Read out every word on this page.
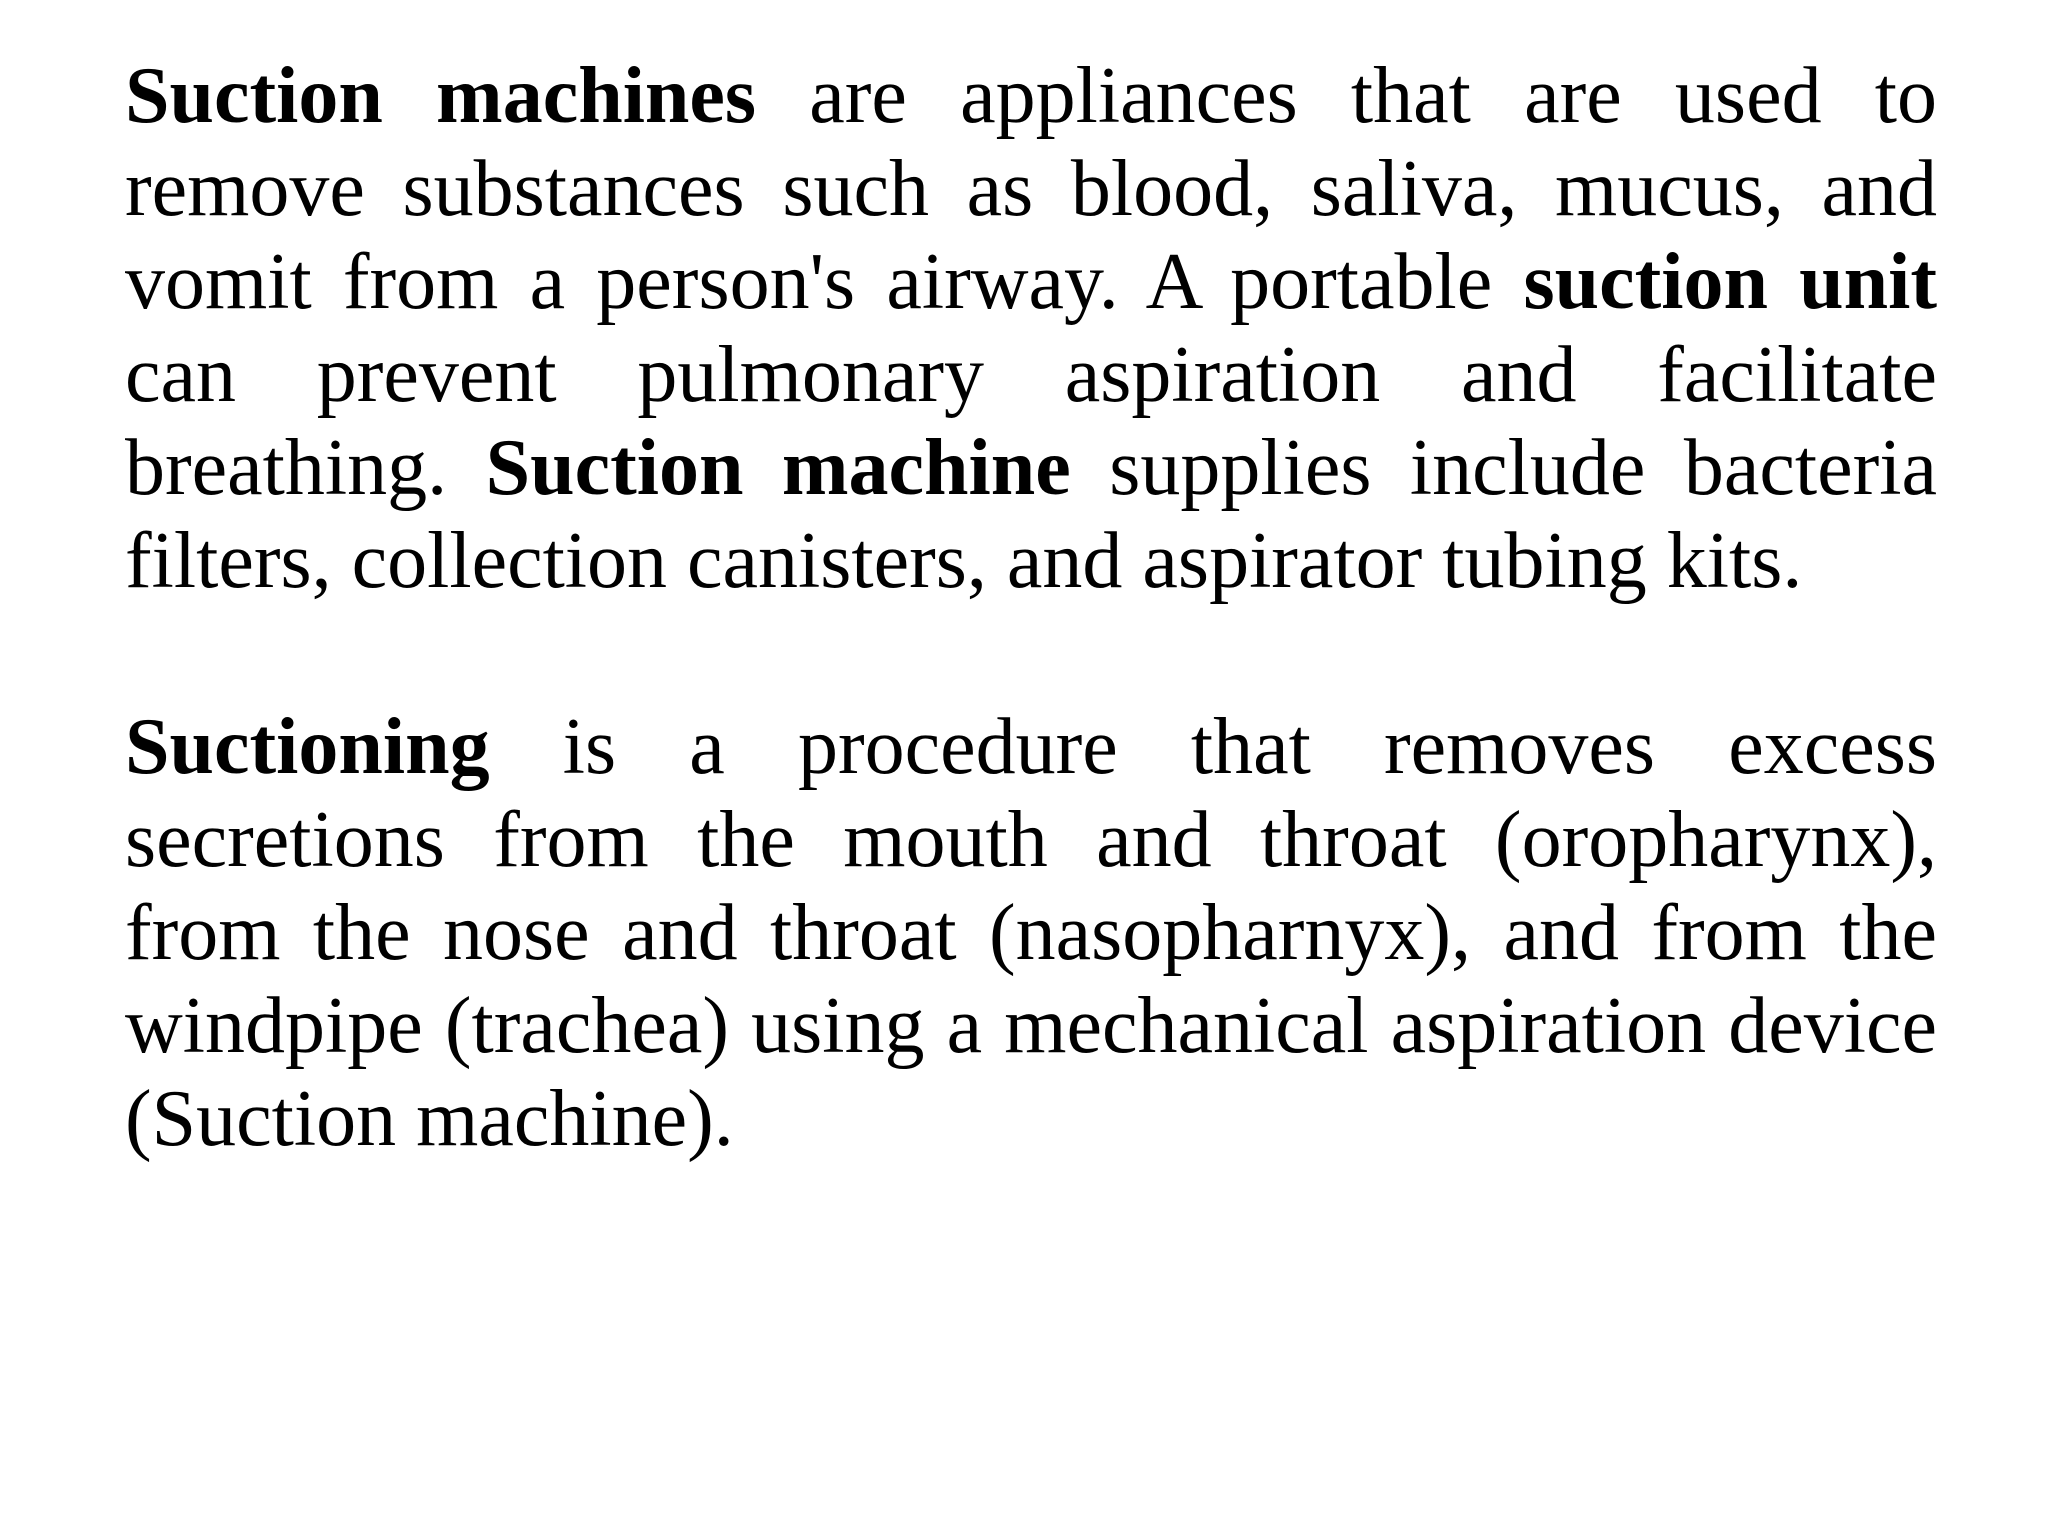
Suction machines are appliances that are used to remove substances such as blood, saliva, mucus, and vomit from a person's airway. A portable suction unit can prevent pulmonary aspiration and facilitate breathing. Suction machine supplies include bacteria filters, collection canisters, and aspirator tubing kits.

Suctioning is a procedure that removes excess secretions from the mouth and throat (oropharynx), from the nose and throat (nasopharnyx), and from the windpipe (trachea) using a mechanical aspiration device (Suction machine).
